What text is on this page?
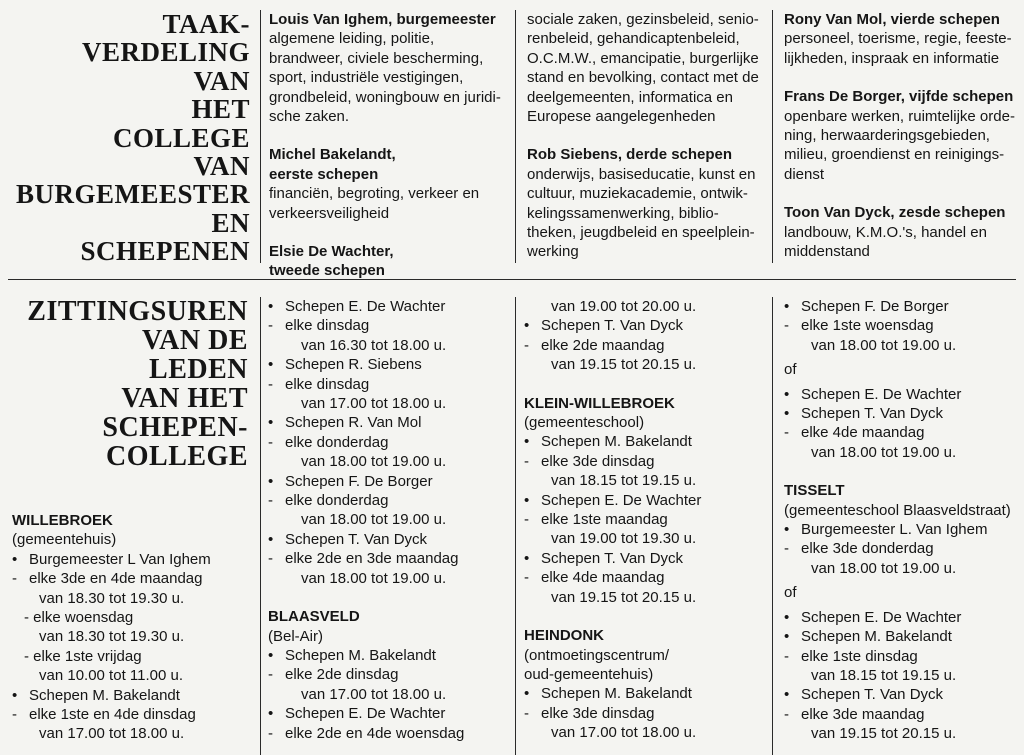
TAAK-
VERDELING
VAN
HET
COLLEGE
VAN
BURGEMEESTER
EN
SCHEPENEN
Louis Van Ighem, burgemeester
algemene leiding, politie,
brandweer, civiele bescherming,
sport, industriële vestigingen,
grondbeleid, woningbouw en juridi-
sche zaken.
Michel Bakelandt,
eerste schepen
financiën, begroting, verkeer en
verkeersveiligheid
Elsie De Wachter,
tweede schepen
sociale zaken, gezinsbeleid, senio-
renbeleid, gehandicaptenbeleid,
O.C.M.W., emancipatie, burgerlijke
stand en bevolking, contact met de
deelgemeenten, informatica en
Europese aangelegenheden
Rob Siebens, derde schepen
onderwijs, basiseducatie, kunst en
cultuur, muziekacademie, ontwik-
kelingssamenwerking, biblio-
theken, jeugdbeleid en speelplein-
werking
Rony Van Mol, vierde schepen
personeel, toerisme, regie, feeste-
lijkheden, inspraak en informatie
Frans De Borger, vijfde schepen
openbare werken, ruimtelijke orde-
ning, herwaarderingsgebieden,
milieu, groendienst en reinigings-
dienst
Toon Van Dyck, zesde schepen
landbouw, K.M.O.'s, handel en
middenstand
ZITTINGSUREN
VAN DE
LEDEN
VAN HET
SCHEPEN-
COLLEGE
WILLEBROEK
(gemeentehuis)
• Burgemeester L Van Ighem
- elke 3de en 4de maandag
van 18.30 tot 19.30 u.
- elke woensdag
van 18.30 tot 19.30 u.
- elke 1ste vrijdag
van 10.00 tot 11.00 u.
• Schepen M. Bakelandt
- elke 1ste en 4de dinsdag
van 17.00 tot 18.00 u.
• Schepen E. De Wachter
- elke dinsdag
van 16.30 tot 18.00 u.
• Schepen R. Siebens
- elke dinsdag
van 17.00 tot 18.00 u.
• Schepen R. Van Mol
- elke donderdag
van 18.00 tot 19.00 u.
• Schepen F. De Borger
- elke donderdag
van 18.00 tot 19.00 u.
• Schepen T. Van Dyck
- elke 2de en 3de maandag
van 18.00 tot 19.00 u.
BLAASVELD
(Bel-Air)
• Schepen M. Bakelandt
- elke 2de dinsdag
van 17.00 tot 18.00 u.
• Schepen E. De Wachter
- elke 2de en 4de woensdag
van 19.00 tot 20.00 u.
• Schepen T. Van Dyck
- elke 2de maandag
van 19.15 tot 20.15 u.
KLEIN-WILLEBROEK
(gemeenteschool)
• Schepen M. Bakelandt
- elke 3de dinsdag
van 18.15 tot 19.15 u.
• Schepen E. De Wachter
- elke 1ste maandag
van 19.00 tot 19.30 u.
• Schepen T. Van Dyck
- elke 4de maandag
van 19.15 tot 20.15 u.
HEINDONK
(ontmoetingscentrum/
oud-gemeentehuis)
• Schepen M. Bakelandt
- elke 3de dinsdag
van 17.00 tot 18.00 u.
• Schepen F. De Borger
- elke 1ste woensdag
van 18.00 tot 19.00 u.
of
• Schepen E. De Wachter
• Schepen T. Van Dyck
- elke 4de maandag
van 18.00 tot 19.00 u.
TISSELT
(gemeenteschool Blaasveldstraat)
• Burgemeester L. Van Ighem
- elke 3de donderdag
van 18.00 tot 19.00 u.
of
• Schepen E. De Wachter
• Schepen M. Bakelandt
- elke 1ste dinsdag
van 18.15 tot 19.15 u.
• Schepen T. Van Dyck
- elke 3de maandag
van 19.15 tot 20.15 u.
